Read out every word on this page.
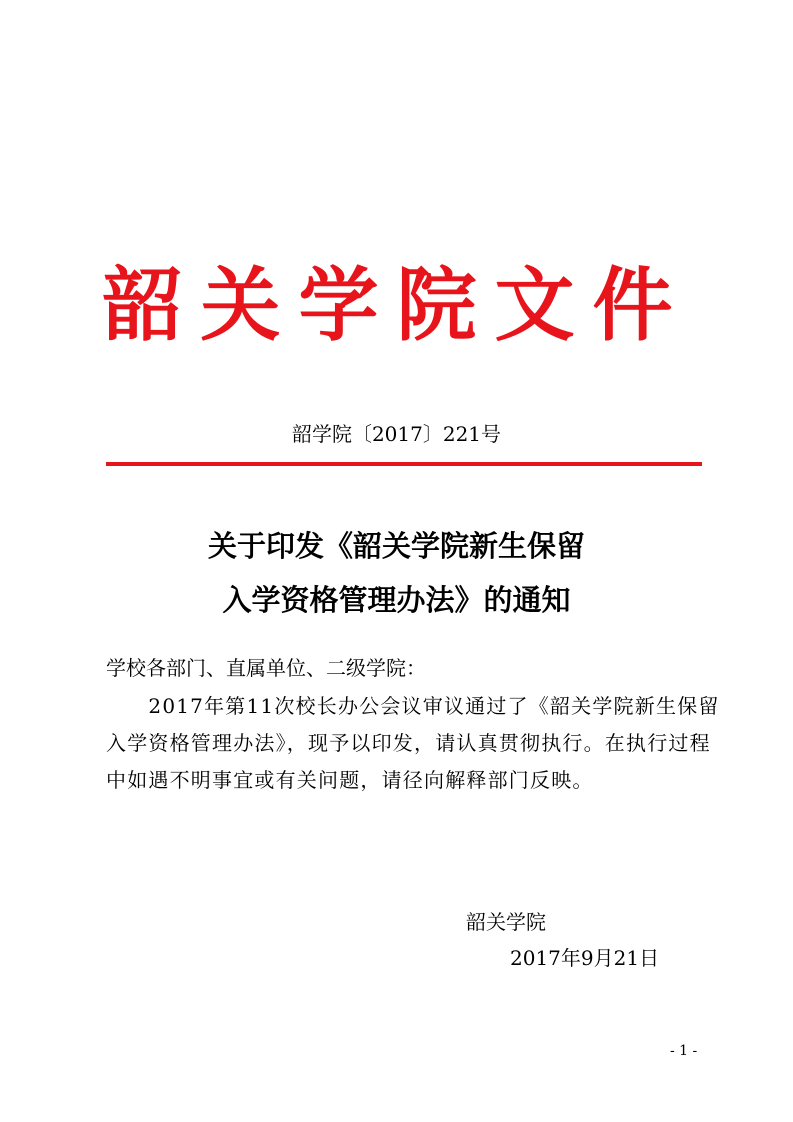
韶关学院文件
韶学院〔2017〕221号
关于印发《韶关学院新生保留
入学资格管理办法》的通知
学校各部门、直属单位、二级学院：
　　2017年第11次校长办公会议审议通过了《韶关学院新生保留
入学资格管理办法》，现予以印发，请认真贯彻执行。在执行过程
中如遇不明事宜或有关问题，请径向解释部门反映。
韶关学院
2017年9月21日
- 1 -
